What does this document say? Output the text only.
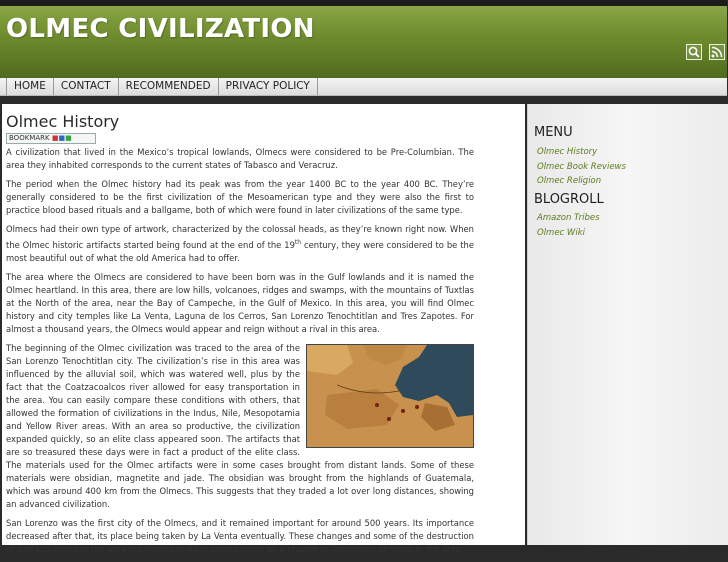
OLMEC CIVILIZATION
HOME	CONTACT	RECOMMENDED	PRIVACY POLICY
Olmec History
BOOKMARK ■■■

A civilization that lived in the Mexico’s tropical lowlands, Olmecs were considered to be Pre-Columbian. The area they inhabited corresponds to the current states of Tabasco and Veracruz.

The period when the Olmec history had its peak was from the year 1400 BC to the year 400 BC. They’re generally considered to be the first civilization of the Mesoamerican type and they were also the first to practice blood based rituals and a ballgame, both of which were found in later civilizations of the same type.

Olmecs had their own type of artwork, characterized by the colossal heads, as they’re known right now. When the Olmec historic artifacts started being found at the end of the 19th century, they were considered to be the most beautiful out of what the old America had to offer.

The area where the Olmecs are considered to have been born was in the Gulf lowlands and it is named the Olmec heartland. In this area, there are low hills, volcanoes, ridges and swamps, with the mountains of Tuxtlas at the North of the area, near the Bay of Campeche, in the Gulf of Mexico. In this area, you will find Olmec history and city temples like La Venta, Laguna de los Cerros, San Lorenzo Tenochtitlan and Tres Zapotes. For almost a thousand years, the Olmecs would appear and reign without a rival in this area.

The beginning of the Olmec civilization was traced to the area of the San Lorenzo Tenochtitlan city. The civilization’s rise in this area was influenced by the alluvial soil, which was watered well, plus by the fact that the Coatzacoalcos river allowed for easy transportation in the area. You can easily compare these conditions with others, that allowed the formation of civilizations in the Indus, Nile, Mesopotamia and Yellow River areas. With an area so productive, the civilization expanded quickly, so an elite class appeared soon. The artifacts that are so treasured these days were in fact a product of the elite class. The materials used for the Olmec artifacts were in some cases brought from distant lands. Some of these materials were obsidian, magnetite and jade. The obsidian was brought from the highlands of Guatemala, which was around 400 km from the Olmecs. This suggests that they traded a lot over long distances, showing an advanced civilization.

San Lorenzo was the first city of the Olmecs, and it remained important for around 500 years. Its importance decreased after that, its place being taken by La Venta eventually. These changes and some of the destruction of artifacts found in the area is believed to have been caused by a change in the course of rivers in the area.

MENU
Olmec History
Olmec Book Reviews
Olmec Religion
BLOGROLL
Amazon Tribes
Olmec Wiki
